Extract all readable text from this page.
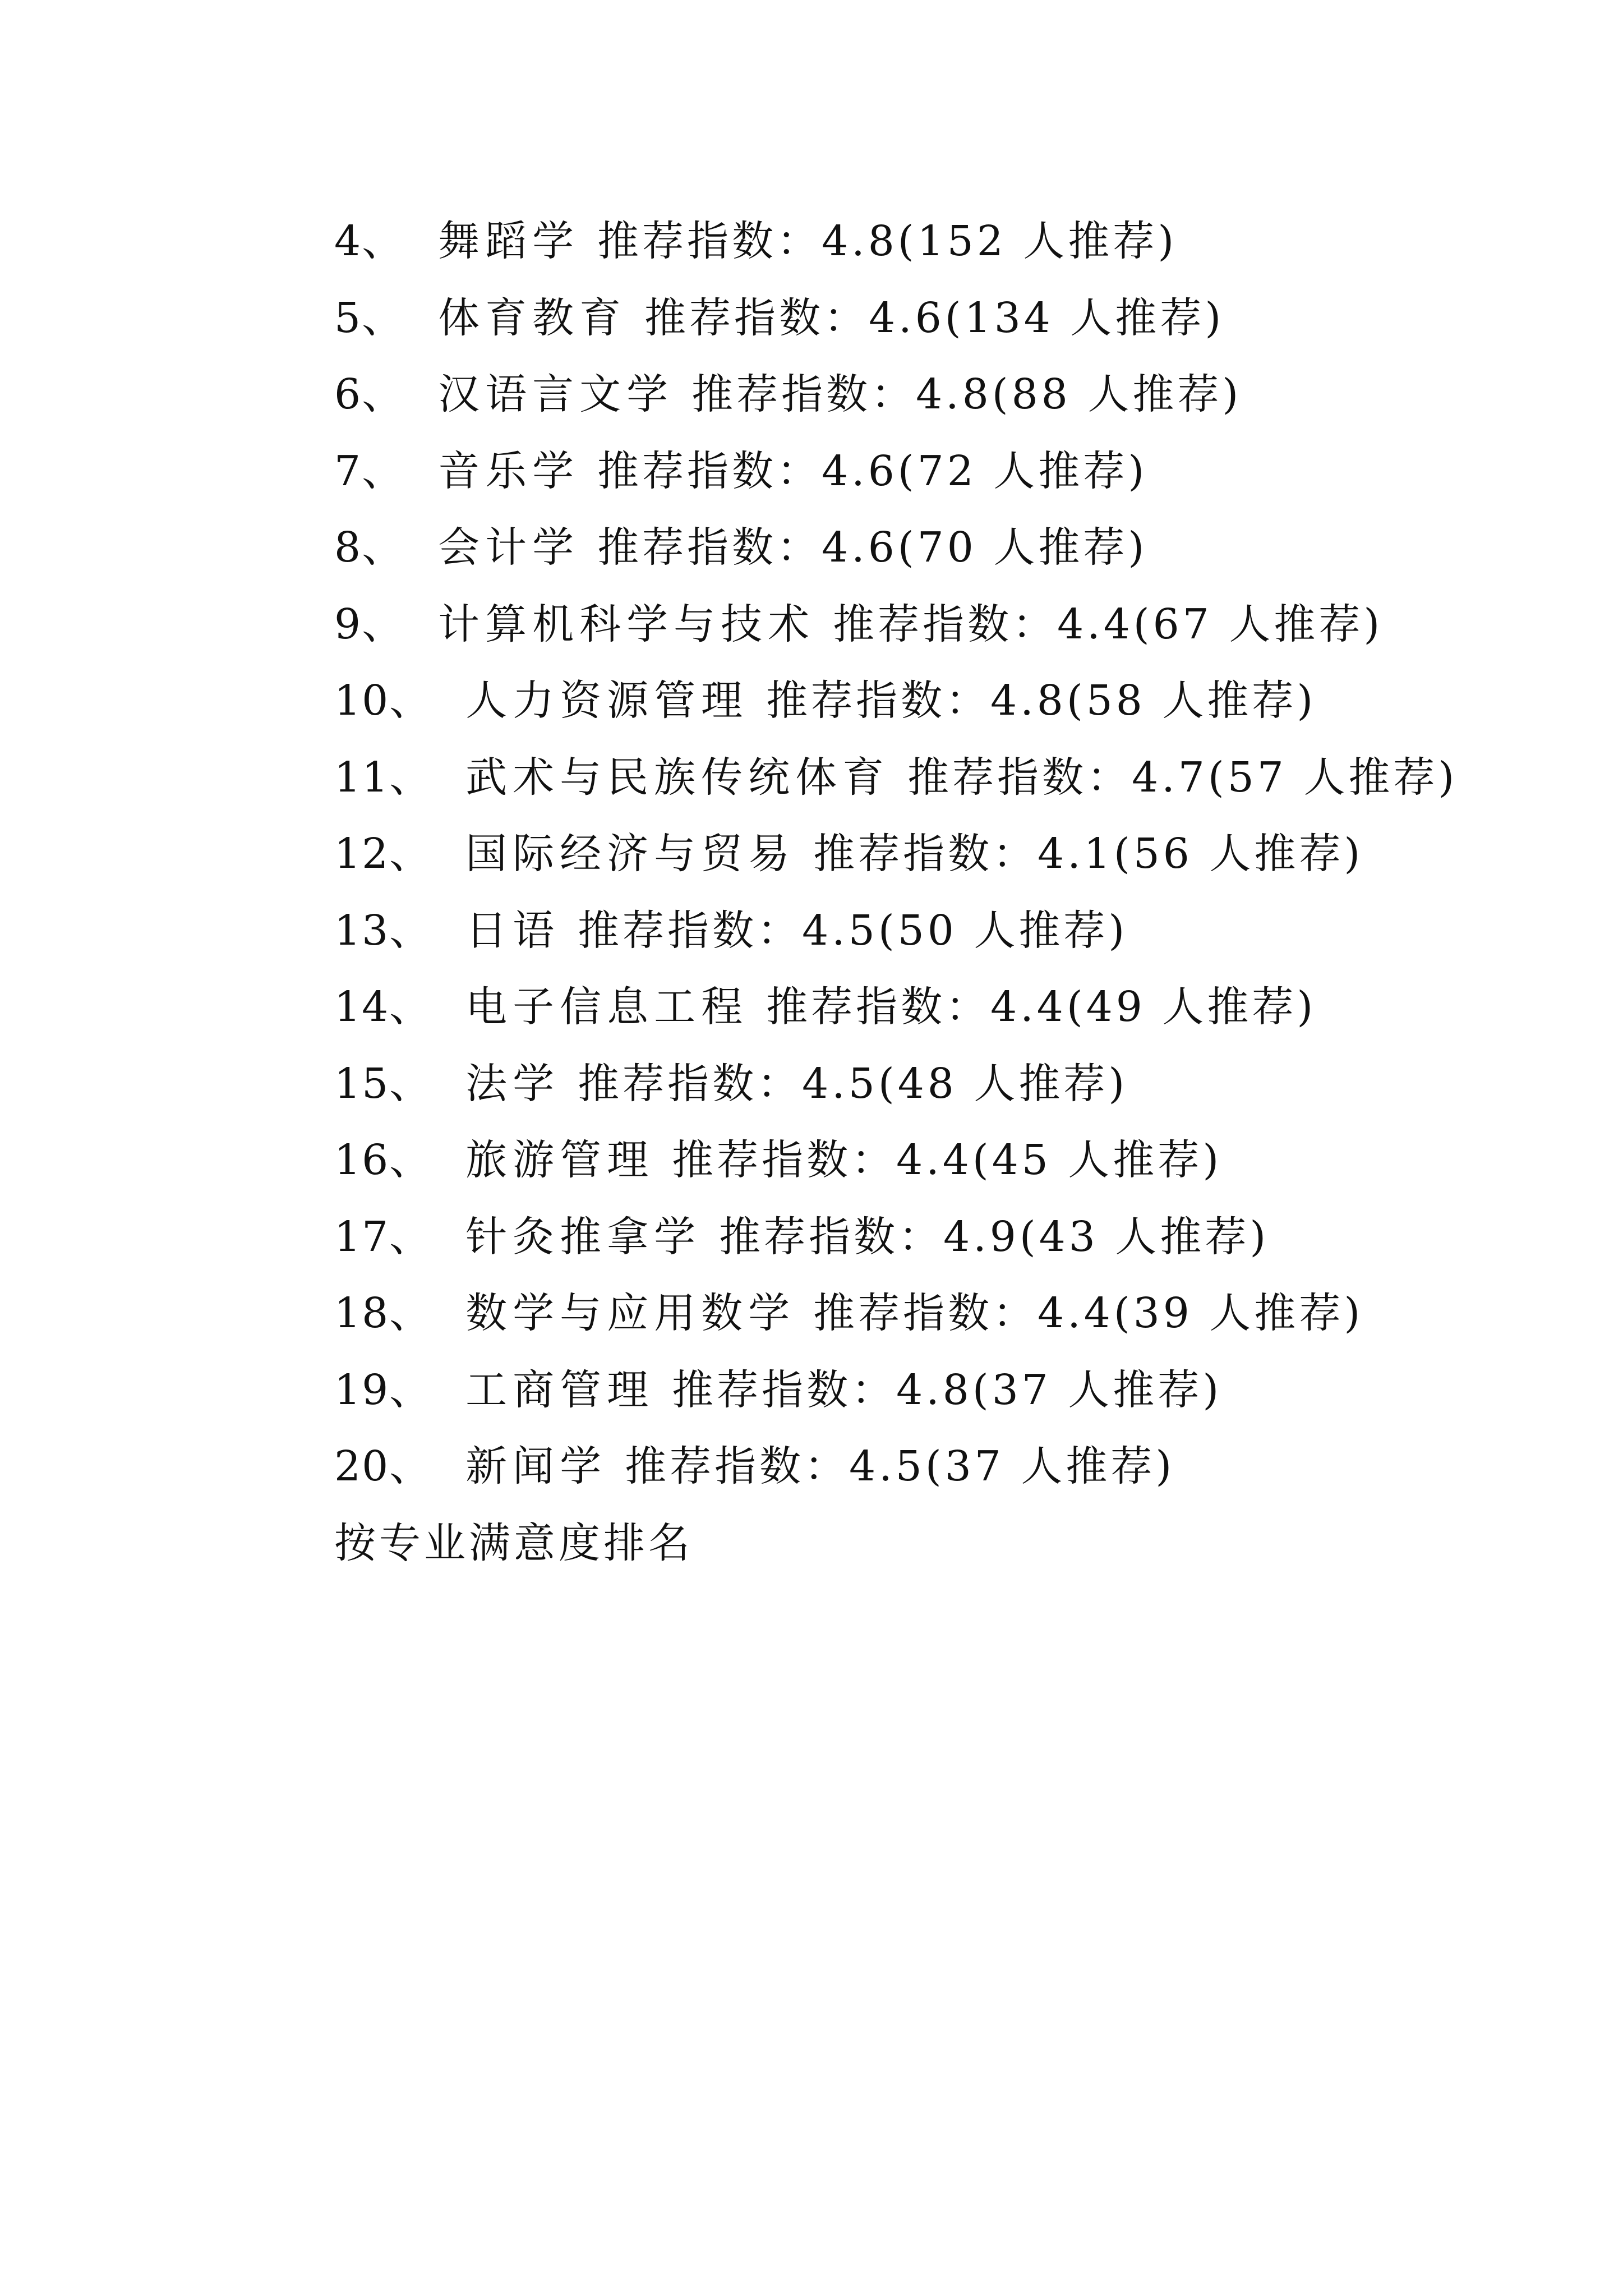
4、 舞蹈学 推荐指数：4.8(152 人推荐)
5、 体育教育 推荐指数：4.6(134 人推荐)
6、 汉语言文学 推荐指数：4.8(88 人推荐)
7、 音乐学 推荐指数：4.6(72 人推荐)
8、 会计学 推荐指数：4.6(70 人推荐)
9、 计算机科学与技术 推荐指数：4.4(67 人推荐)
10、 人力资源管理 推荐指数：4.8(58 人推荐)
11、 武术与民族传统体育 推荐指数：4.7(57 人推荐)
12、 国际经济与贸易 推荐指数：4.1(56 人推荐)
13、 日语 推荐指数：4.5(50 人推荐)
14、 电子信息工程 推荐指数：4.4(49 人推荐)
15、 法学 推荐指数：4.5(48 人推荐)
16、 旅游管理 推荐指数：4.4(45 人推荐)
17、 针灸推拿学 推荐指数：4.9(43 人推荐)
18、 数学与应用数学 推荐指数：4.4(39 人推荐)
19、 工商管理 推荐指数：4.8(37 人推荐)
20、 新闻学 推荐指数：4.5(37 人推荐)
按专业满意度排名
